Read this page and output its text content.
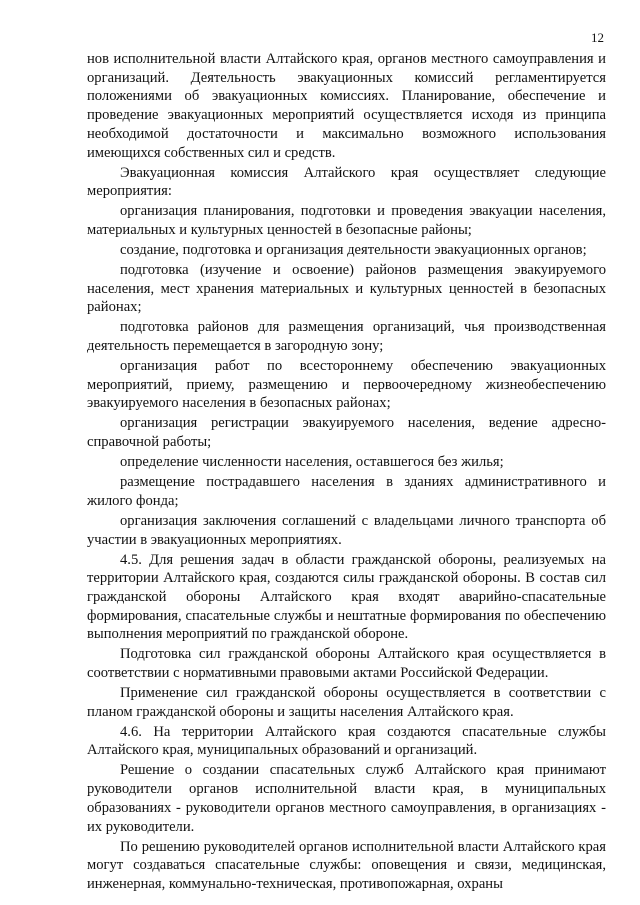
12

нов исполнительной власти Алтайского края, органов местного самоуправления и организаций. Деятельность эвакуационных комиссий регламентируется положениями об эвакуационных комиссиях. Планирование, обеспечение и проведение эвакуационных мероприятий осуществляется исходя из принципа необходимой достаточности и максимально возможного использования имеющихся собственных сил и средств.

Эвакуационная комиссия Алтайского края осуществляет следующие мероприятия:

организация планирования, подготовки и проведения эвакуации населения, материальных и культурных ценностей в безопасные районы;

создание, подготовка и организация деятельности эвакуационных органов;

подготовка (изучение и освоение) районов размещения эвакуируемого населения, мест хранения материальных и культурных ценностей в безопасных районах;

подготовка районов для размещения организаций, чья производственная деятельность перемещается в загородную зону;

организация работ по всестороннему обеспечению эвакуационных мероприятий, приему, размещению и первоочередному жизнеобеспечению эвакуируемого населения в безопасных районах;

организация регистрации эвакуируемого населения, ведение адресно-справочной работы;

определение численности населения, оставшегося без жилья;

размещение пострадавшего населения в зданиях административного и жилого фонда;

организация заключения соглашений с владельцами личного транспорта об участии в эвакуационных мероприятиях.

4.5. Для решения задач в области гражданской обороны, реализуемых на территории Алтайского края, создаются силы гражданской обороны. В состав сил гражданской обороны Алтайского края входят аварийно-спасательные формирования, спасательные службы и нештатные формирования по обеспечению выполнения мероприятий по гражданской обороне.

Подготовка сил гражданской обороны Алтайского края осуществляется в соответствии с нормативными правовыми актами Российской Федерации.

Применение сил гражданской обороны осуществляется в соответствии с планом гражданской обороны и защиты населения Алтайского края.

4.6. На территории Алтайского края создаются спасательные службы Алтайского края, муниципальных образований и организаций.

Решение о создании спасательных служб Алтайского края принимают руководители органов исполнительной власти края, в муниципальных образованиях - руководители органов местного самоуправления, в организациях - их руководители.

По решению руководителей органов исполнительной власти Алтайского края могут создаваться спасательные службы: оповещения и связи, медицинская, инженерная, коммунально-техническая, противопожарная, охраны
